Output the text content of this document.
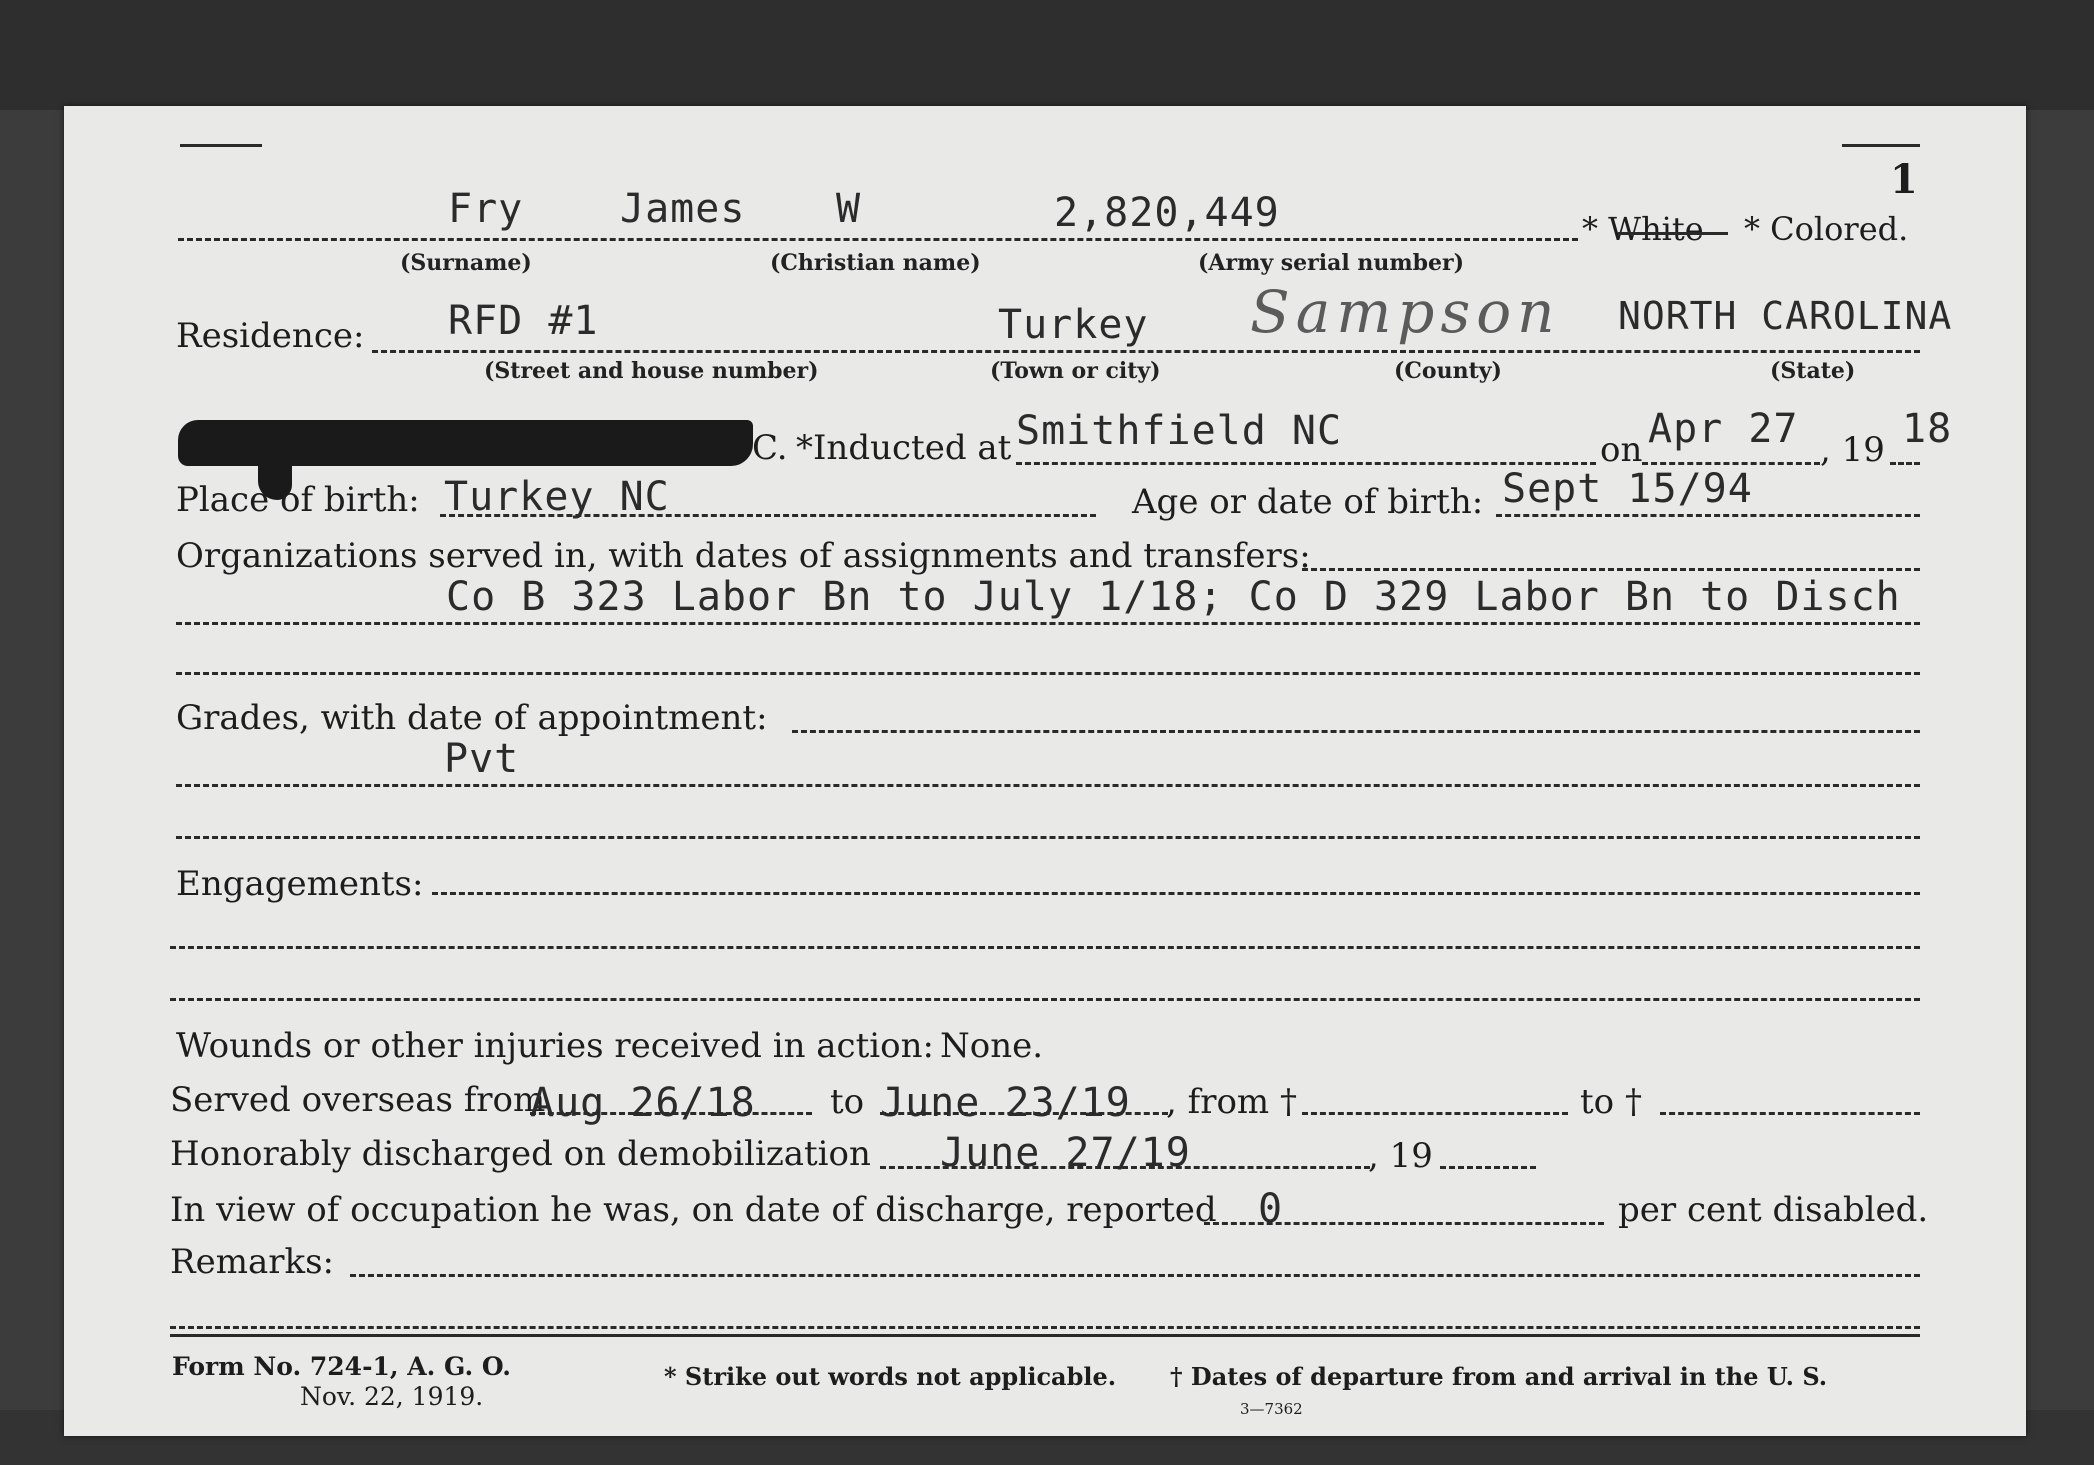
1
Fry James W	2,820,449	* White * Colored.
(Surname)	(Christian name)	(Army serial number)
Residence: RFD #1	Turkey Sampson NORTH CAROLINA
(Street and house number)	(Town or city)	(County)	(State)
C. *Inducted at Smithfield NC	on Apr 27 , 19 18
Place of birth: Turkey NC	Age or date of birth: Sept 15/94
Organizations served in, with dates of assignments and transfers:
Co B 323 Labor Bn to July 1/18; Co D 329 Labor Bn to Disch
Grades, with date of appointment:
Pvt
Engagements:
Wounds or other injuries received in action: None.
Served overseas from
Aug 26/18 to June 23/19 , from †	to †
Honorably discharged on demobilization June 27/19	, 19
In view of occupation he was, on date of discharge, reported 0	per cent disabled.
Remarks:
Form No. 724-1, A. G. O.
Nov. 22, 1919.
* Strike out words not applicable. † Dates of departure from and arrival in the U. S.
3—7362
